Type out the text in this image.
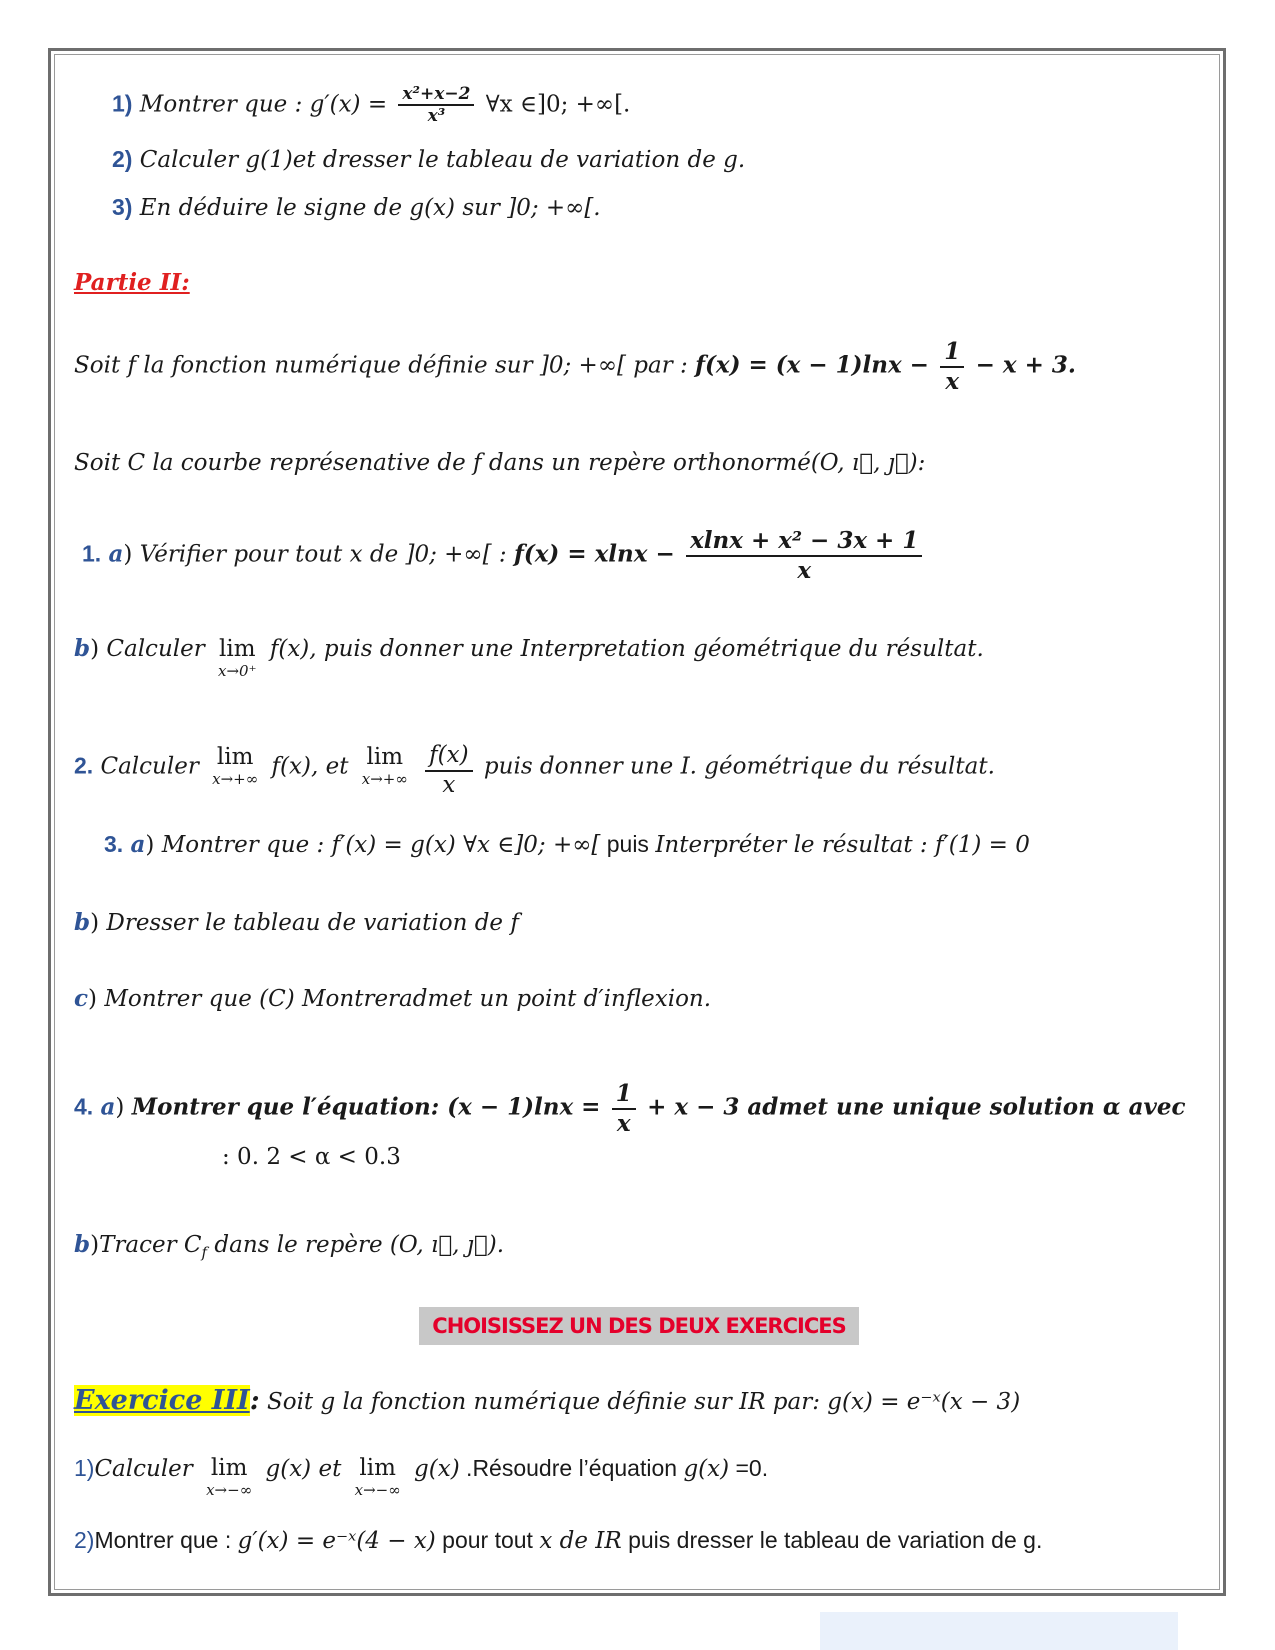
1) Montrer que : $g'(x) = \frac{\text{x²+x−2}}{\text{x³}}$ ∀x ∈]0; +∞[.
2) Calculer g(1)et dresser le tableau de variation de g.
3) En déduire le signe de g(x) sur ]0; +∞[.
Partie II:
Soit f la fonction numérique définie sur ]0; +∞[ par : $f(x) = (x - 1)\ln x - \frac{1}{x} - x + 3$.
Soit C la courbe représenative de f dans un repère orthonormé(O, ı⃗, ȷ⃗):
1. a) Vérifier pour tout x de ]0; +∞[ : $f(x) = xlnx - \frac{\text{xlnx + x² − 3x + 1}}{x}$
b) Calculer lim
x→0⁺
f(x), puis donner une Interpretation géométrique du résultat.
2. Calculer lim
x→+∞ f(x), et lim
x→+∞
$\frac{f(x)}{x}$ puis donner une I. géométrique du résultat.
3. a) Montrer que : f′(x) = g(x) ∀x ∈]0; +∞[ puis Interpréter le résultat : f′(1) = 0
b) Dresser le tableau de variation de f
c) Montrer que (C) Montreradmet un point d′inflexion.
4. a) Montrer que l′équation: $(x - 1)\ln x = \frac{1}{x} + x - 3$ admet une unique solution α avec
: 0. 2 < α < 0.3
b)Tracer $C_f$ dans le repère (O, ı⃗, ȷ⃗).
CHOISISSEZ UN DES DEUX EXERCICES
Exercice III: Soit g la fonction numérique définie sur IR par: g(x) = e⁻ˣ(x − 3)
1)Calculer lim
x→−∞
g(x) et lim
x→−∞
g(x) .Résoudre l’équation g(x) =0.
2)Montrer que : g′(x) = e⁻ˣ(4 − x) pour tout x de IR puis dresser le tableau de variation de g.
